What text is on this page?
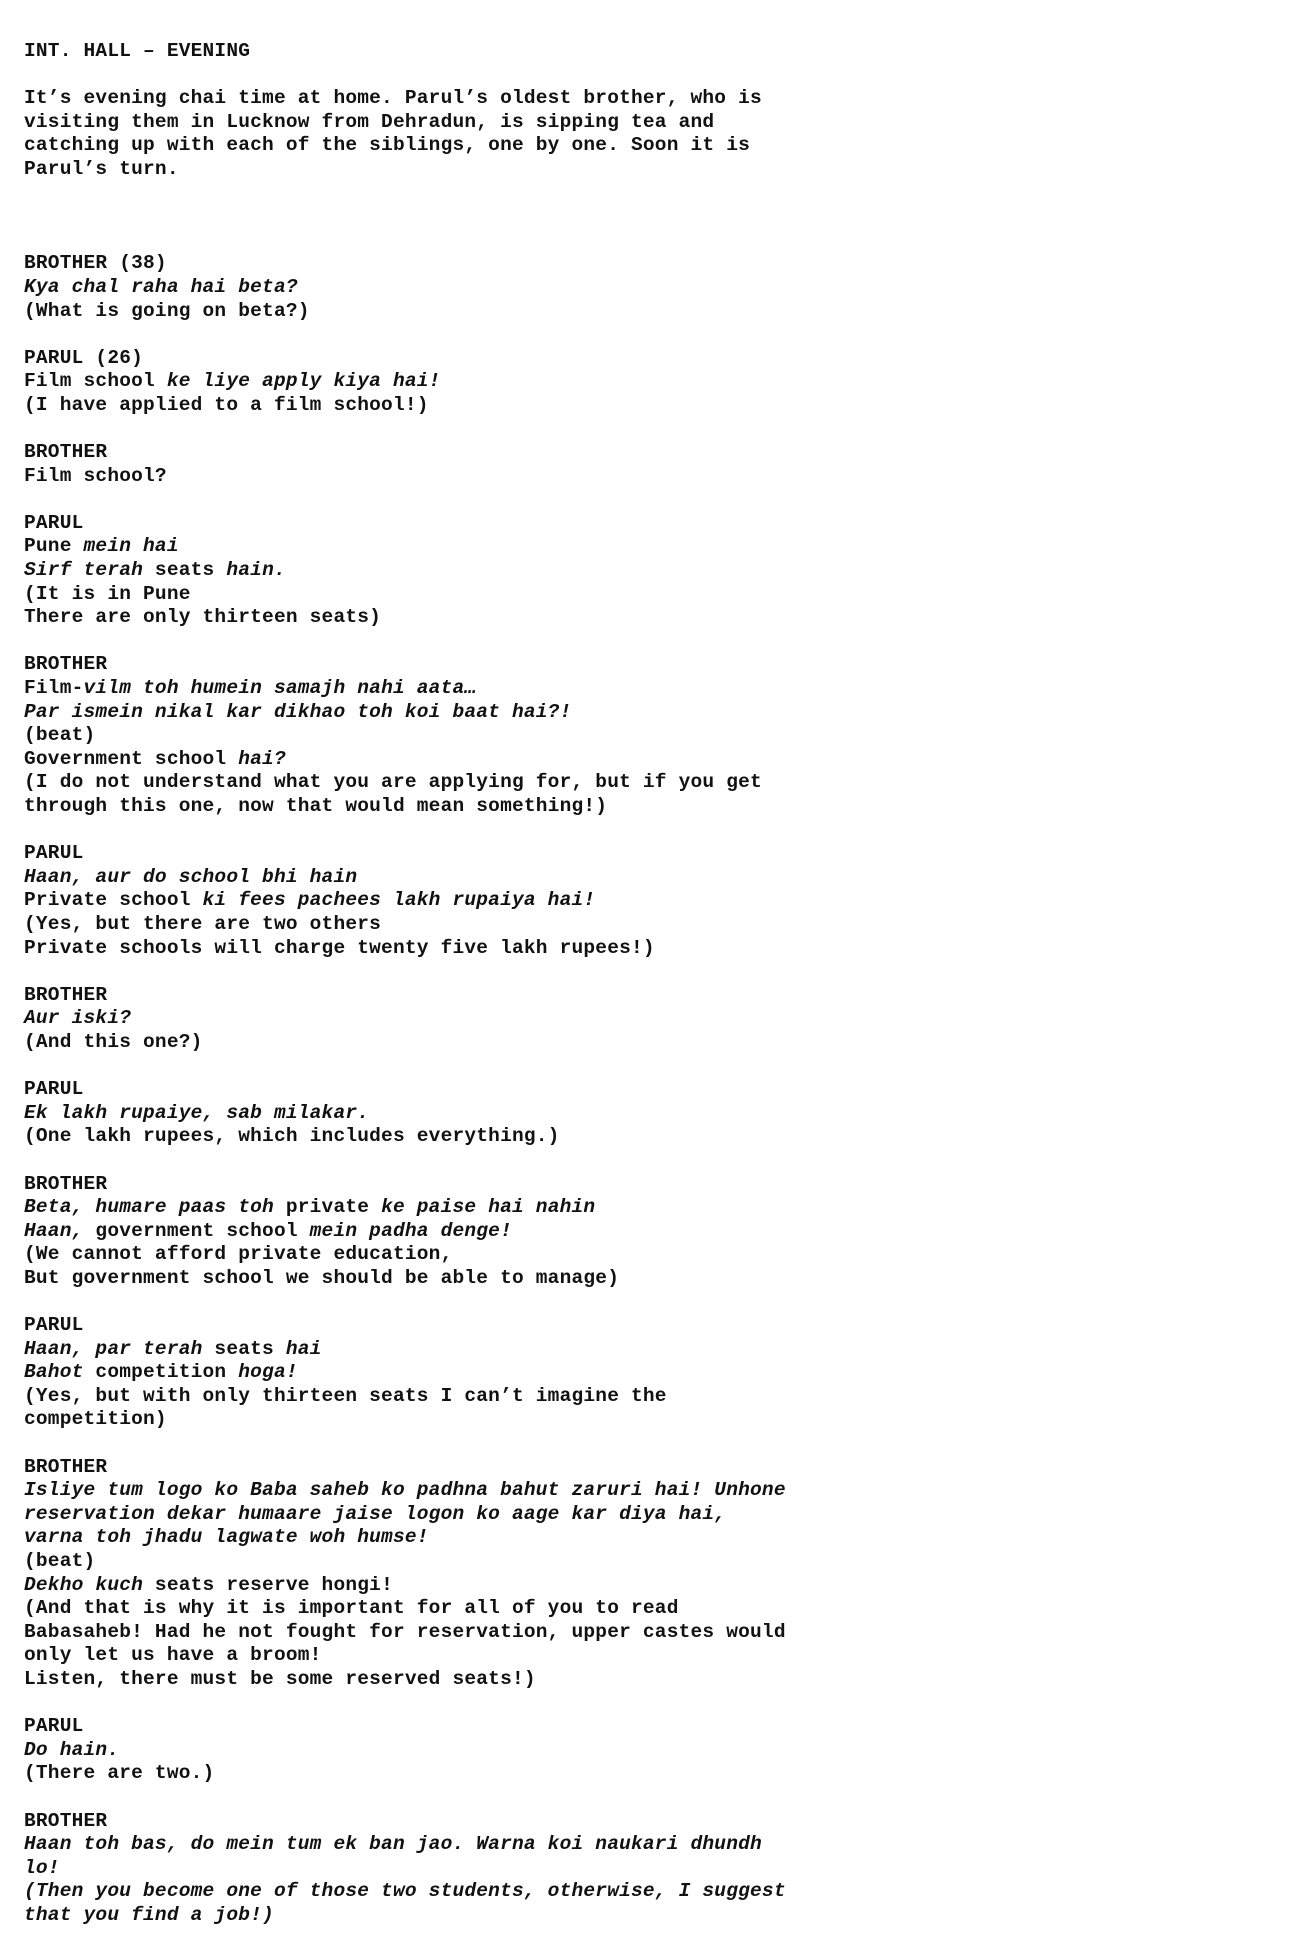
INT. HALL – EVENING
It’s evening chai time at home. Parul’s oldest brother, who is
visiting them in Lucknow from Dehradun, is sipping tea and
catching up with each of the siblings, one by one. Soon it is
Parul’s turn.
BROTHER (38)
Kya chal raha hai beta?
(What is going on beta?)
PARUL (26)
Film school ke liye apply kiya hai!
(I have applied to a film school!)
BROTHER
Film school?
PARUL
Pune mein hai
Sirf terah seats hain.
(It is in Pune
There are only thirteen seats)
BROTHER
Film-vilm toh humein samajh nahi aata…
Par ismein nikal kar dikhao toh koi baat hai?!
(beat)
Government school hai?
(I do not understand what you are applying for, but if you get
through this one, now that would mean something!)
PARUL
Haan, aur do school bhi hain
Private school ki fees pachees lakh rupaiya hai!
(Yes, but there are two others
Private schools will charge twenty five lakh rupees!)
BROTHER
Aur iski?
(And this one?)
PARUL
Ek lakh rupaiye, sab milakar.
(One lakh rupees, which includes everything.)
BROTHER
Beta, humare paas toh private ke paise hai nahin
Haan, government school mein padha denge!
(We cannot afford private education,
But government school we should be able to manage)
PARUL
Haan, par terah seats hai
Bahot competition hoga!
(Yes, but with only thirteen seats I can’t imagine the
competition)
BROTHER
Isliye tum logo ko Baba saheb ko padhna bahut zaruri hai! Unhone
reservation dekar humaare jaise logon ko aage kar diya hai,
varna toh jhadu lagwate woh humse!
(beat)
Dekho kuch seats reserve hongi!
(And that is why it is important for all of you to read
Babasaheb! Had he not fought for reservation, upper castes would
only let us have a broom!
Listen, there must be some reserved seats!)
PARUL
Do hain.
(There are two.)
BROTHER
Haan toh bas, do mein tum ek ban jao. Warna koi naukari dhundh
lo!
(Then you become one of those two students, otherwise, I suggest
that you find a job!)
